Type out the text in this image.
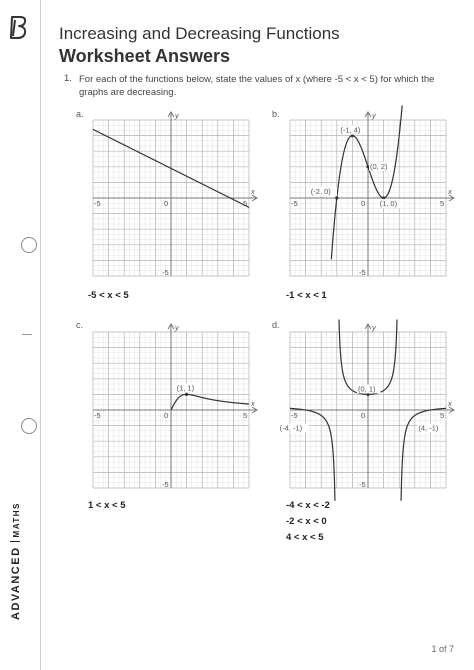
ADVANCEDMATHS
Increasing and Decreasing Functions
Worksheet Answers
1. For each of the functions below, state the values of x (where -5 < x < 5) for which the graphs are decreasing.
a.
x
y
-5	5
0
-5
-5 < x < 5
b.
x
y
-5	5
0
-5
(-1, 4)
(0, 2)
(-2, 0)
(1, 0)
-1 < x < 1
c.
x
y
-5	5
0
-5
(1, 1)
1 < x < 5
d.
x
y
-5	5
0
-5
(0, 1)
(-4, -1)	(4, -1)
-4 < x < -2
-2 < x < 0
4 < x < 5
1 of 7
